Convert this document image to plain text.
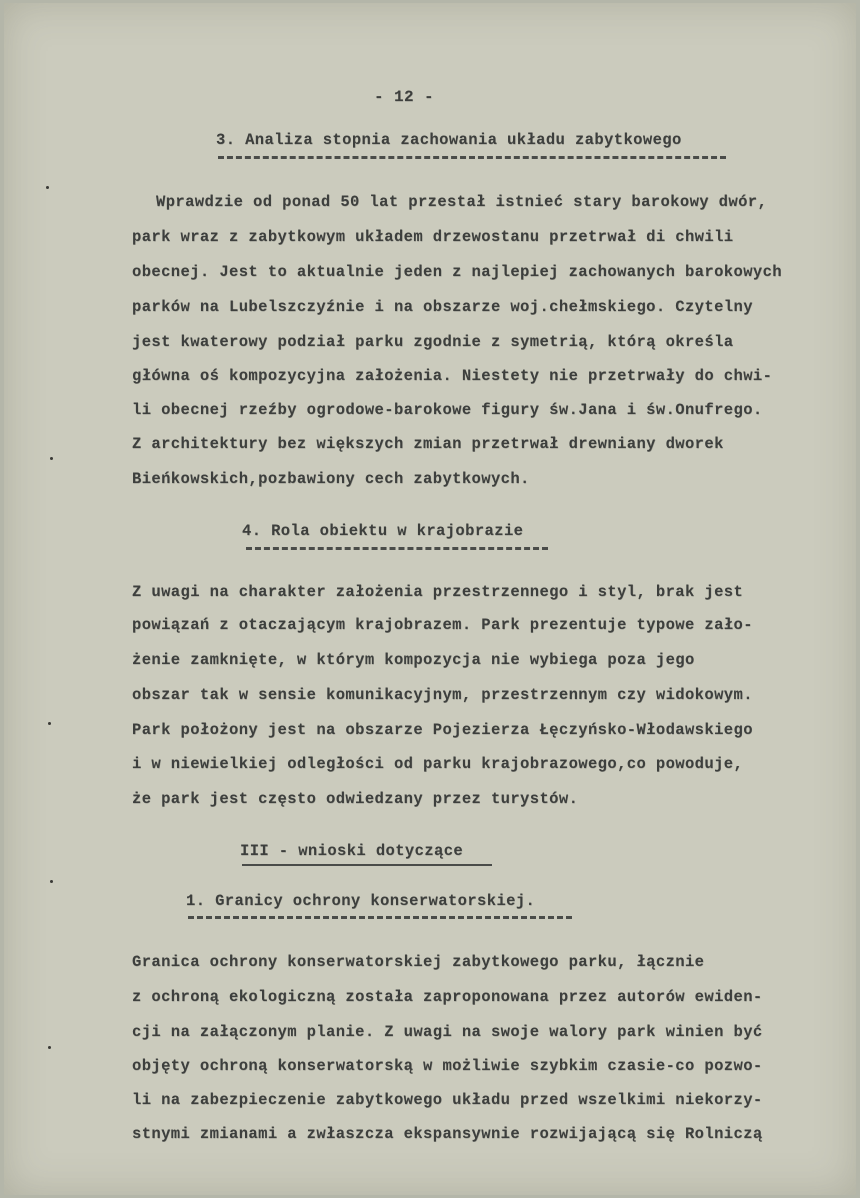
- 12 -
3. Analiza stopnia zachowania układu zabytkowego
Wprawdzie od ponad 50 lat przestał istnieć stary barokowy dwór,
park wraz z zabytkowym układem drzewostanu przetrwał di chwili
obecnej. Jest to aktualnie jeden z najlepiej zachowanych barokowych
parków na Lubelszczyźnie i na obszarze woj.chełmskiego. Czytelny
jest kwaterowy podział parku zgodnie z symetrią, którą określa
główna oś kompozycyjna założenia. Niestety nie przetrwały do chwi-
li obecnej rzeźby ogrodowe-barokowe figury św.Jana i św.Onufrego.
Z architektury bez większych zmian przetrwał drewniany dworek
Bieńkowskich,pozbawiony cech zabytkowych.
4. Rola obiektu w krajobrazie
Z uwagi na charakter założenia przestrzennego i styl, brak jest
powiązań z otaczającym krajobrazem. Park prezentuje typowe zało-
żenie zamknięte, w którym kompozycja nie wybiega poza jego
obszar tak w sensie komunikacyjnym, przestrzennym czy widokowym.
Park położony jest na obszarze Pojezierza Łęczyńsko-Włodawskiego
i w niewielkiej odległości od parku krajobrazowego,co powoduje,
że park jest często odwiedzany przez turystów.
III - wnioski dotyczące
1. Granicy ochrony konserwatorskiej.
Granica ochrony konserwatorskiej zabytkowego parku, łącznie
z ochroną ekologiczną została zaproponowana przez autorów ewiden-
cji na załączonym planie. Z uwagi na swoje walory park winien być
objęty ochroną konserwatorską w możliwie szybkim czasie-co pozwo-
li na zabezpieczenie zabytkowego układu przed wszelkimi niekorzy-
stnymi zmianami a zwłaszcza ekspansywnie rozwijającą się Rolniczą
